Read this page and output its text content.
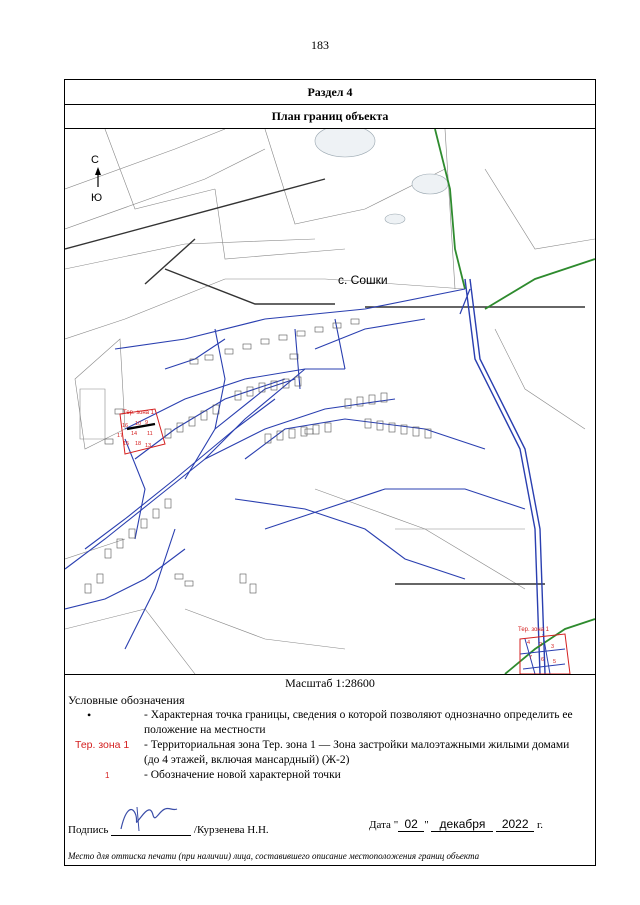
183
Раздел 4
План границ объекта
Тер. зона 1
16 10 9
17 14 11
15 18 13
Тер. зона 1
4 2 3
7 6 5
с. Сошки
С
Ю
Масштаб 1:28600
Условные обозначения
•	- Характерная точка границы, сведения о которой позволяют однозначно определить ее положение на местности
Тер. зона 1 - Территориальная зона Тер. зона 1 — Зона застройки малоэтажными жилыми домами (до 4 этажей, включая мансардный) (Ж-2)
1	- Обозначение новой характерной точки
Подпись	/Курзенева Н.Н.	Дата " 02 " декабря 2022 г.
Место для оттиска печати (при наличии) лица, составившего описание местоположения границ объекта
